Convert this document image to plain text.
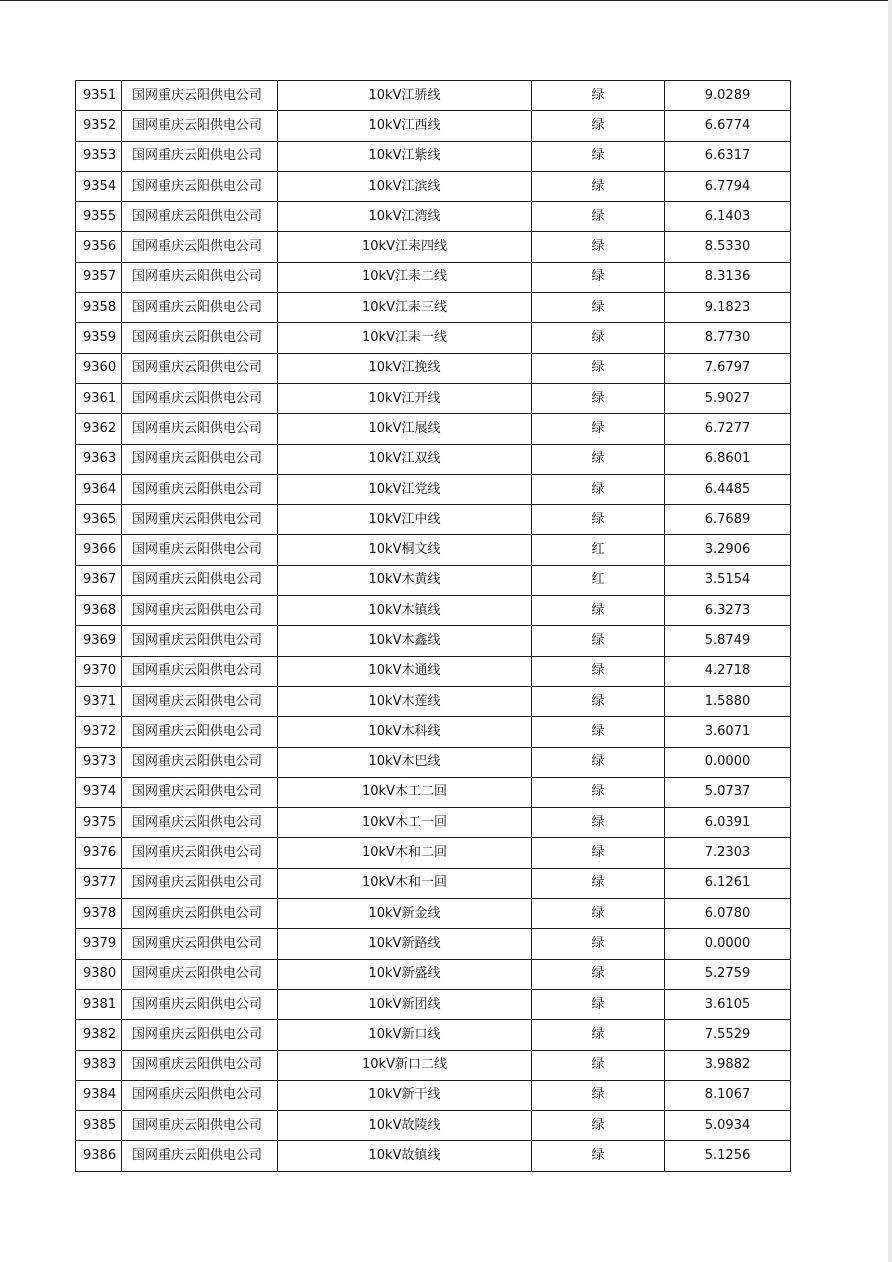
9351	国网重庆云阳供电公司	10kV江骄线	绿	9.0289
9352	国网重庆云阳供电公司	10kV江西线	绿	6.6774
9353	国网重庆云阳供电公司	10kV江紫线	绿	6.6317
9354	国网重庆云阳供电公司	10kV江滨线	绿	6.7794
9355	国网重庆云阳供电公司	10kV江湾线	绿	6.1403
9356	国网重庆云阳供电公司	10kV江耒四线	绿	8.5330
9357	国网重庆云阳供电公司	10kV江耒二线	绿	8.3136
9358	国网重庆云阳供电公司	10kV江耒三线	绿	9.1823
9359	国网重庆云阳供电公司	10kV江耒一线	绿	8.7730
9360	国网重庆云阳供电公司	10kV江挽线	绿	7.6797
9361	国网重庆云阳供电公司	10kV江开线	绿	5.9027
9362	国网重庆云阳供电公司	10kV江展线	绿	6.7277
9363	国网重庆云阳供电公司	10kV江双线	绿	6.8601
9364	国网重庆云阳供电公司	10kV江党线	绿	6.4485
9365	国网重庆云阳供电公司	10kV江中线	绿	6.7689
9366	国网重庆云阳供电公司	10kV桐文线	红	3.2906
9367	国网重庆云阳供电公司	10kV木黄线	红	3.5154
9368	国网重庆云阳供电公司	10kV木镇线	绿	6.3273
9369	国网重庆云阳供电公司	10kV木鑫线	绿	5.8749
9370	国网重庆云阳供电公司	10kV木通线	绿	4.2718
9371	国网重庆云阳供电公司	10kV木莲线	绿	1.5880
9372	国网重庆云阳供电公司	10kV木科线	绿	3.6071
9373	国网重庆云阳供电公司	10kV木巴线	绿	0.0000
9374	国网重庆云阳供电公司	10kV木工二回	绿	5.0737
9375	国网重庆云阳供电公司	10kV木工一回	绿	6.0391
9376	国网重庆云阳供电公司	10kV木和二回	绿	7.2303
9377	国网重庆云阳供电公司	10kV木和一回	绿	6.1261
9378	国网重庆云阳供电公司	10kV新金线	绿	6.0780
9379	国网重庆云阳供电公司	10kV新路线	绿	0.0000
9380	国网重庆云阳供电公司	10kV新盛线	绿	5.2759
9381	国网重庆云阳供电公司	10kV新团线	绿	3.6105
9382	国网重庆云阳供电公司	10kV新口线	绿	7.5529
9383	国网重庆云阳供电公司	10kV新口二线	绿	3.9882
9384	国网重庆云阳供电公司	10kV新干线	绿	8.1067
9385	国网重庆云阳供电公司	10kV故陵线	绿	5.0934
9386	国网重庆云阳供电公司	10kV故镇线	绿	5.1256
